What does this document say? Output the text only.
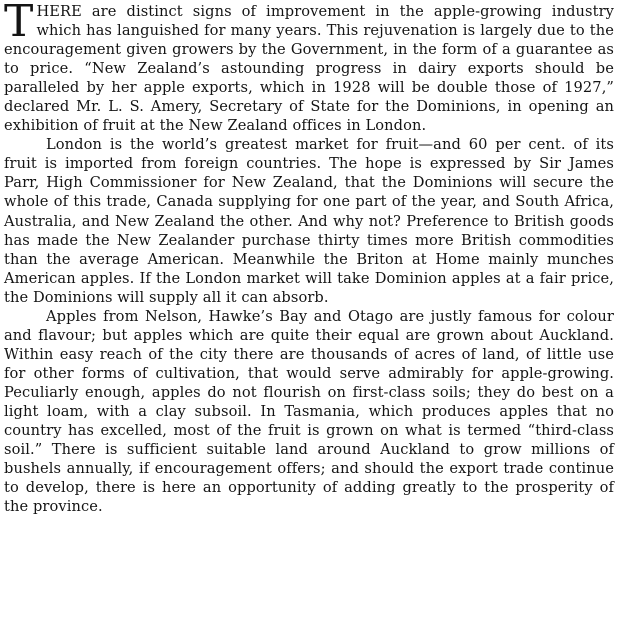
THERE are distinct signs of improvement in the apple-growing industry which has languished for many years. This rejuvenation is largely due to the encouragement given growers by the Government, in the form of a guarantee as to price. “New Zealand’s astounding progress in dairy exports should be paralleled by her apple exports, which in 1928 will be double those of 1927,” declared Mr. L. S. Amery, Secretary of State for the Dominions, in opening an exhibition of fruit at the New Zealand offices in London.

London is the world’s greatest market for fruit—and 60 per cent. of its fruit is imported from foreign countries. The hope is expressed by Sir James Parr, High Commissioner for New Zealand, that the Dominions will secure the whole of this trade, Canada supplying for one part of the year, and South Africa, Australia, and New Zealand the other. And why not? Preference to British goods has made the New Zealander purchase thirty times more British commodities than the average American. Meanwhile the Briton at Home mainly munches American apples. If the London market will take Dominion apples at a fair price, the Dominions will supply all it can absorb.

Apples from Nelson, Hawke’s Bay and Otago are justly famous for colour and flavour; but apples which are quite their equal are grown about Auckland. Within easy reach of the city there are thousands of acres of land, of little use for other forms of cultivation, that would serve admirably for apple-growing. Peculiarly enough, apples do not flourish on first-class soils; they do best on a light loam, with a clay subsoil. In Tasmania, which produces apples that no country has excelled, most of the fruit is grown on what is termed “third-class soil.” There is sufficient suitable land around Auckland to grow millions of bushels annually, if encouragement offers; and should the export trade continue to develop, there is here an opportunity of adding greatly to the prosperity of the province.
